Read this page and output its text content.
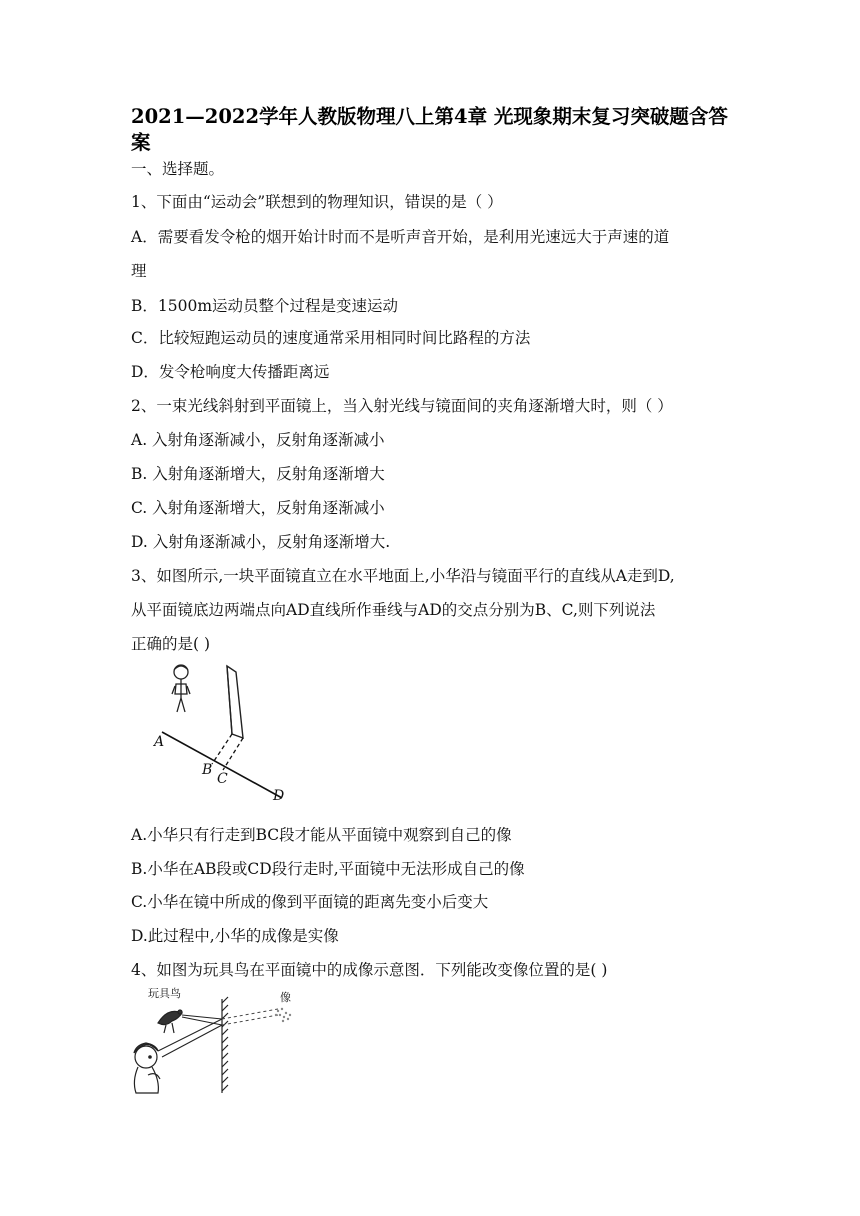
2021—2022学年人教版物理八上第4章 光现象期末复习突破题含答案
一、选择题。
1、下面由“运动会”联想到的物理知识，错误的是（ ）
A．需要看发令枪的烟开始计时而不是听声音开始，是利用光速远大于声速的道
理
B．1500m运动员整个过程是变速运动
C．比较短跑运动员的速度通常采用相同时间比路程的方法
D．发令枪响度大传播距离远
2、一束光线斜射到平面镜上，当入射光线与镜面间的夹角逐渐增大时，则（ ）
A. 入射角逐渐减小，反射角逐渐减小
B. 入射角逐渐增大，反射角逐渐增大
C. 入射角逐渐增大，反射角逐渐减小
D. 入射角逐渐减小，反射角逐渐增大.
3、如图所示,一块平面镜直立在水平地面上,小华沿与镜面平行的直线从A走到D,
从平面镜底边两端点向AD直线所作垂线与AD的交点分别为B、C,则下列说法
正确的是( )
A
B
C
D
A.小华只有行走到BC段才能从平面镜中观察到自己的像
B.小华在AB段或CD段行走时,平面镜中无法形成自己的像
C.小华在镜中所成的像到平面镜的距离先变小后变大
D.此过程中,小华的成像是实像
4、如图为玩具鸟在平面镜中的成像示意图．下列能改变像位置的是( )
玩具鸟	像
